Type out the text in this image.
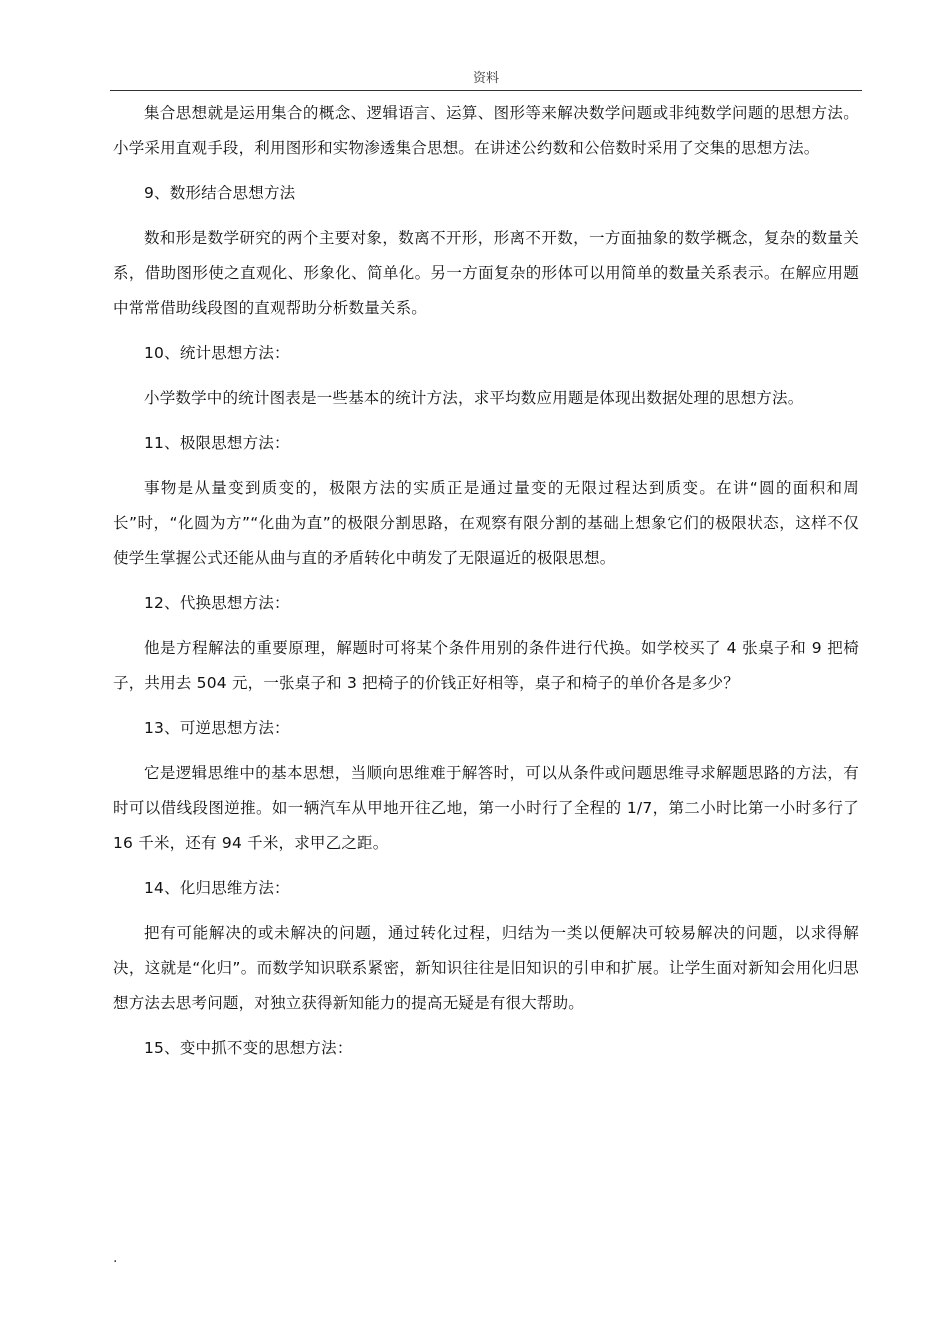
资料

集合思想就是运用集合的概念、逻辑语言、运算、图形等来解决数学问题或非纯数学问题的思想方法。小学采用直观手段，利用图形和实物渗透集合思想。在讲述公约数和公倍数时采用了交集的思想方法。

9、数形结合思想方法

数和形是数学研究的两个主要对象，数离不开形，形离不开数，一方面抽象的数学概念，复杂的数量关系，借助图形使之直观化、形象化、简单化。另一方面复杂的形体可以用简单的数量关系表示。在解应用题中常常借助线段图的直观帮助分析数量关系。

10、统计思想方法：

小学数学中的统计图表是一些基本的统计方法，求平均数应用题是体现出数据处理的思想方法。

11、极限思想方法：

事物是从量变到质变的，极限方法的实质正是通过量变的无限过程达到质变。在讲“圆的面积和周长”时，“化圆为方”“化曲为直”的极限分割思路，在观察有限分割的基础上想象它们的极限状态，这样不仅使学生掌握公式还能从曲与直的矛盾转化中萌发了无限逼近的极限思想。

12、代换思想方法：

他是方程解法的重要原理，解题时可将某个条件用别的条件进行代换。如学校买了 4 张桌子和 9 把椅子，共用去 504 元，一张桌子和 3 把椅子的价钱正好相等，桌子和椅子的单价各是多少？

13、可逆思想方法：

它是逻辑思维中的基本思想，当顺向思维难于解答时，可以从条件或问题思维寻求解题思路的方法，有时可以借线段图逆推。如一辆汽车从甲地开往乙地，第一小时行了全程的 1/7，第二小时比第一小时多行了 16 千米，还有 94 千米，求甲乙之距。

14、化归思维方法：

把有可能解决的或未解决的问题，通过转化过程，归结为一类以便解决可较易解决的问题，以求得解决，这就是“化归”。而数学知识联系紧密，新知识往往是旧知识的引申和扩展。让学生面对新知会用化归思想方法去思考问题，对独立获得新知能力的提高无疑是有很大帮助。

15、变中抓不变的思想方法：

.
